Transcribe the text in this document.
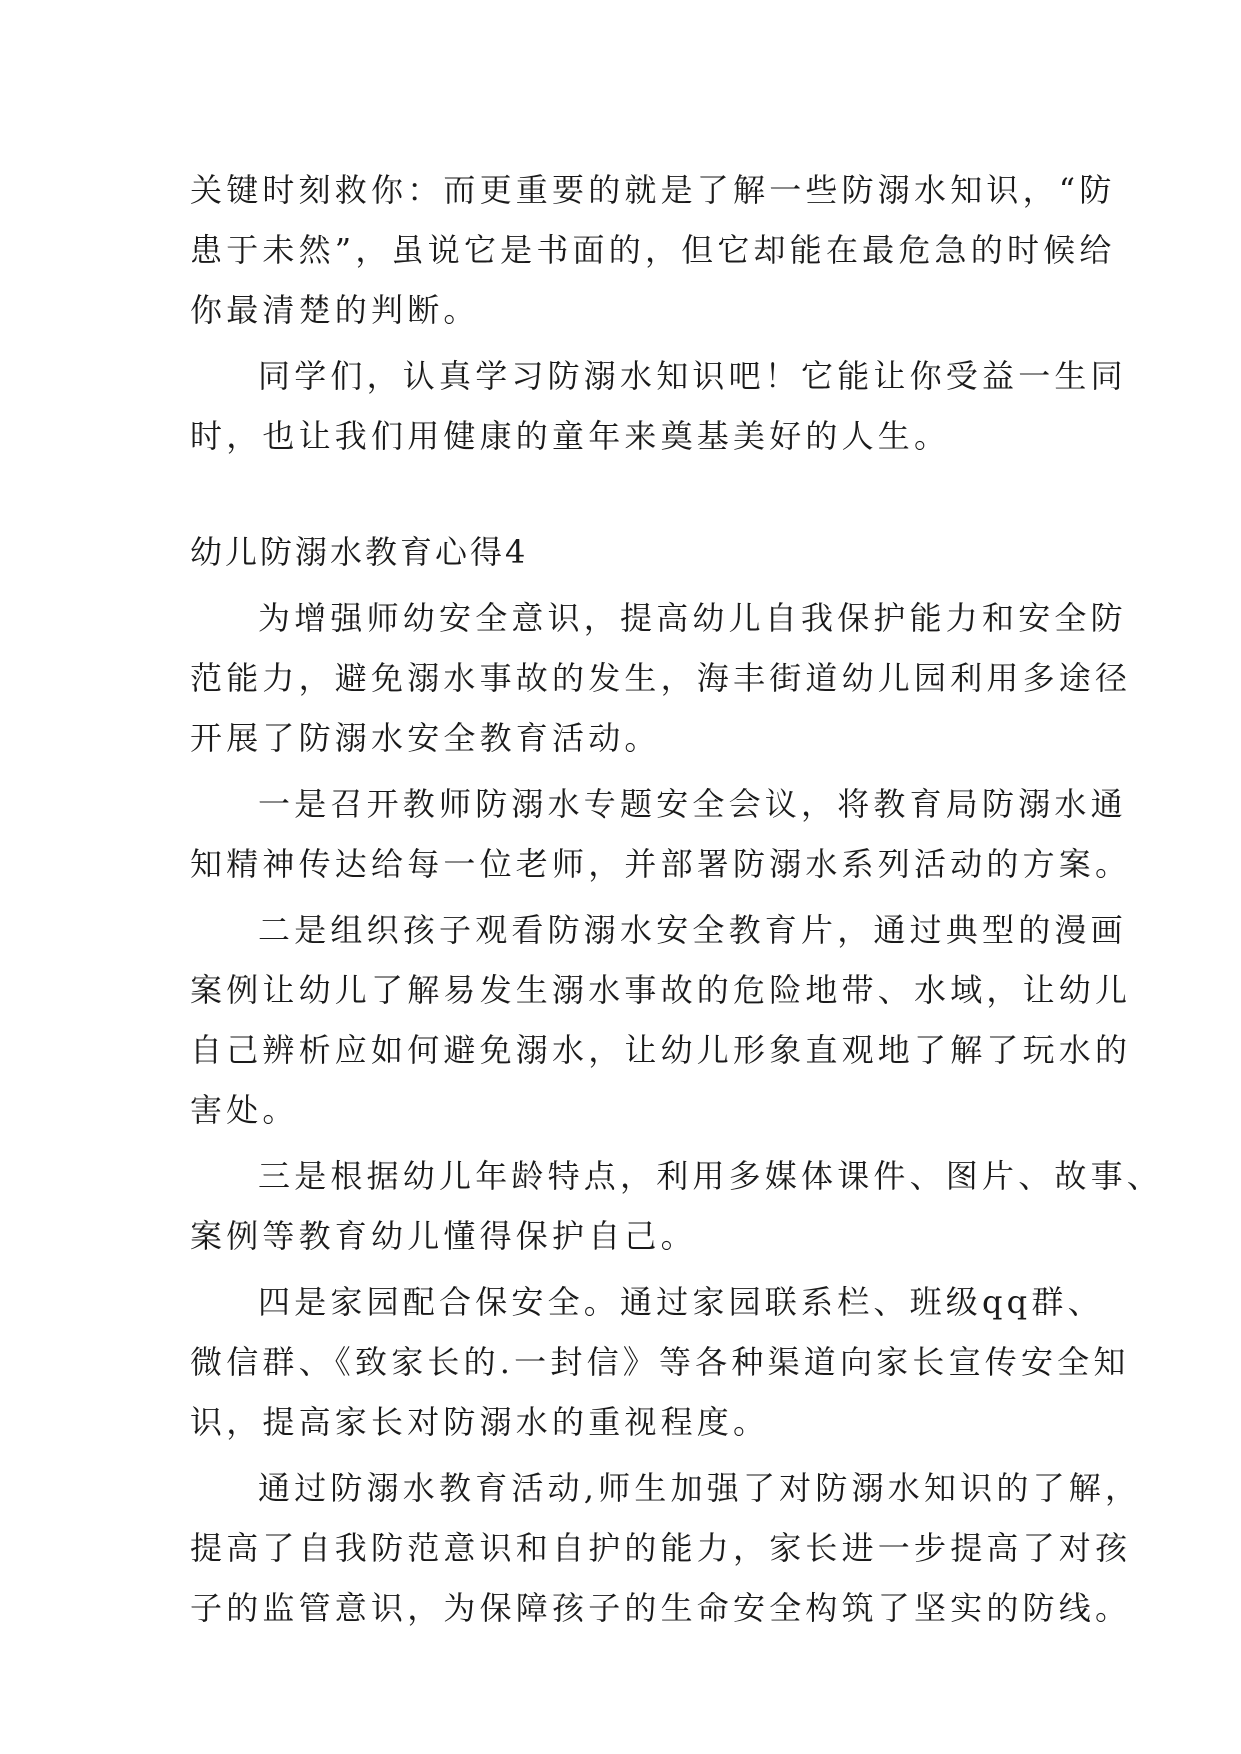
关键时刻救你：而更重要的就是了解一些防溺水知识，“防
患于未然”，虽说它是书面的，但它却能在最危急的时候给
你最清楚的判断。
同学们，认真学习防溺水知识吧！它能让你受益一生同
时，也让我们用健康的童年来奠基美好的人生。
幼儿防溺水教育心得4
为增强师幼安全意识，提高幼儿自我保护能力和安全防
范能力，避免溺水事故的发生，海丰街道幼儿园利用多途径
开展了防溺水安全教育活动。
一是召开教师防溺水专题安全会议，将教育局防溺水通
知精神传达给每一位老师，并部署防溺水系列活动的方案。
二是组织孩子观看防溺水安全教育片，通过典型的漫画
案例让幼儿了解易发生溺水事故的危险地带、水域，让幼儿
自己辨析应如何避免溺水，让幼儿形象直观地了解了玩水的
害处。
三是根据幼儿年龄特点，利用多媒体课件、图片、故事、
案例等教育幼儿懂得保护自己。
四是家园配合保安全。通过家园联系栏、班级qq群、
微信群、《致家长的.一封信》等各种渠道向家长宣传安全知
识，提高家长对防溺水的重视程度。
通过防溺水教育活动,师生加强了对防溺水知识的了解，
提高了自我防范意识和自护的能力，家长进一步提高了对孩
子的监管意识，为保障孩子的生命安全构筑了坚实的防线。
